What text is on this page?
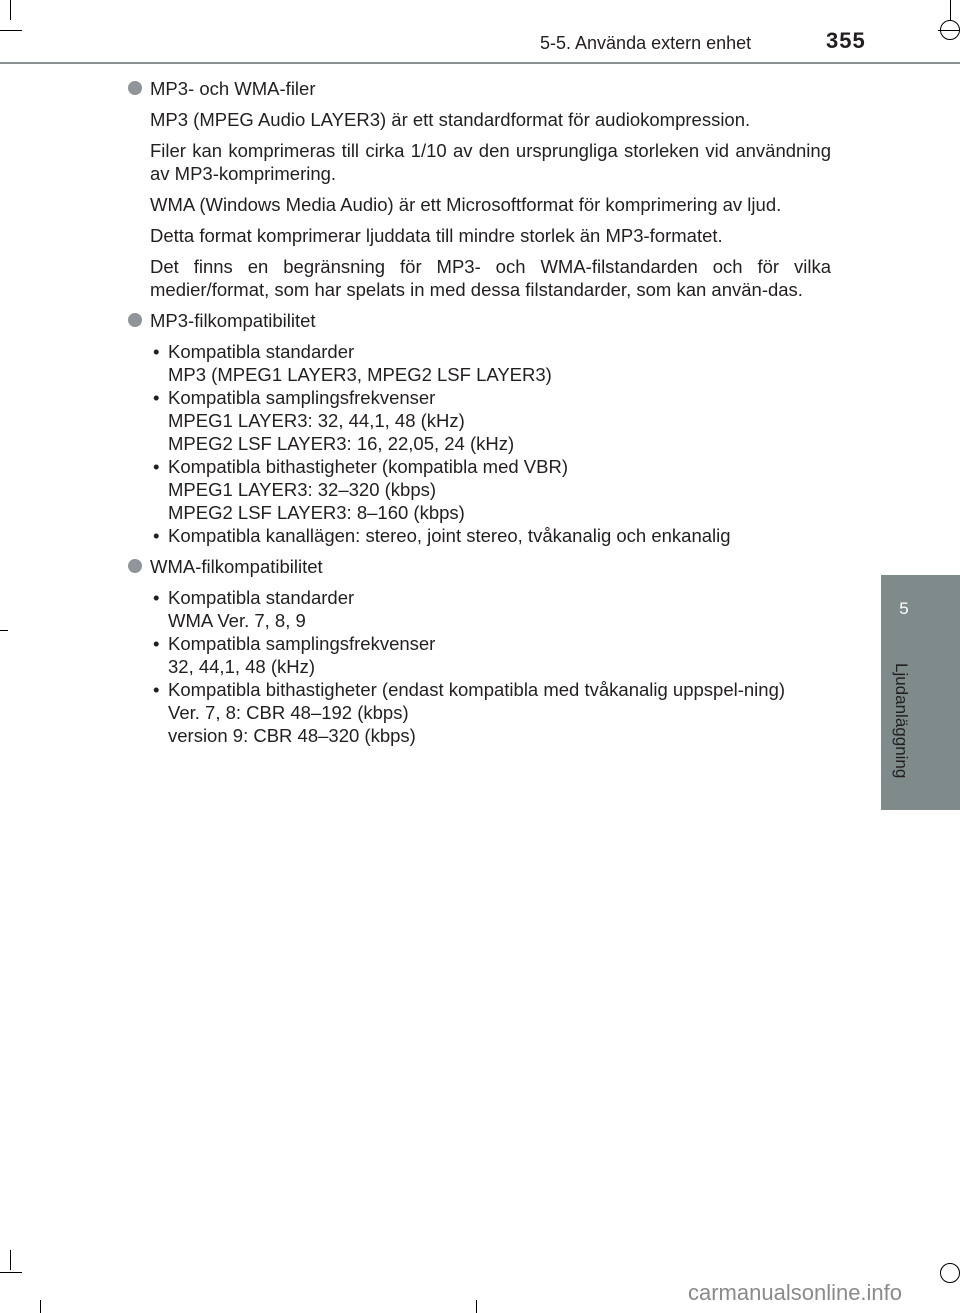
5-5. Använda extern enhet	355
5
Ljudanläggning
MP3- och WMA-filer

MP3 (MPEG Audio LAYER3) är ett standardformat för audiokompression.

Filer kan komprimeras till cirka 1/10 av den ursprungliga storleken vid användning av MP3-komprimering.

WMA (Windows Media Audio) är ett Microsoftformat för komprimering av ljud.

Detta format komprimerar ljuddata till mindre storlek än MP3-formatet.

Det finns en begränsning för MP3- och WMA-filstandarden och för vilka medier/format, som har spelats in med dessa filstandarder, som kan använ-das.

MP3-filkompatibilitet
• Kompatibla standarder
MP3 (MPEG1 LAYER3, MPEG2 LSF LAYER3)
• Kompatibla samplingsfrekvenser
MPEG1 LAYER3: 32, 44,1, 48 (kHz)
MPEG2 LSF LAYER3: 16, 22,05, 24 (kHz)
• Kompatibla bithastigheter (kompatibla med VBR)
MPEG1 LAYER3: 32–320 (kbps)
MPEG2 LSF LAYER3: 8–160 (kbps)
• Kompatibla kanallägen: stereo, joint stereo, tvåkanalig och enkanalig
WMA-filkompatibilitet
• Kompatibla standarder
WMA Ver. 7, 8, 9
• Kompatibla samplingsfrekvenser
32, 44,1, 48 (kHz)
• Kompatibla bithastigheter (endast kompatibla med tvåkanalig uppspel-ning)
Ver. 7, 8: CBR 48–192 (kbps)
version 9: CBR 48–320 (kbps)
carmanualsonline.info
